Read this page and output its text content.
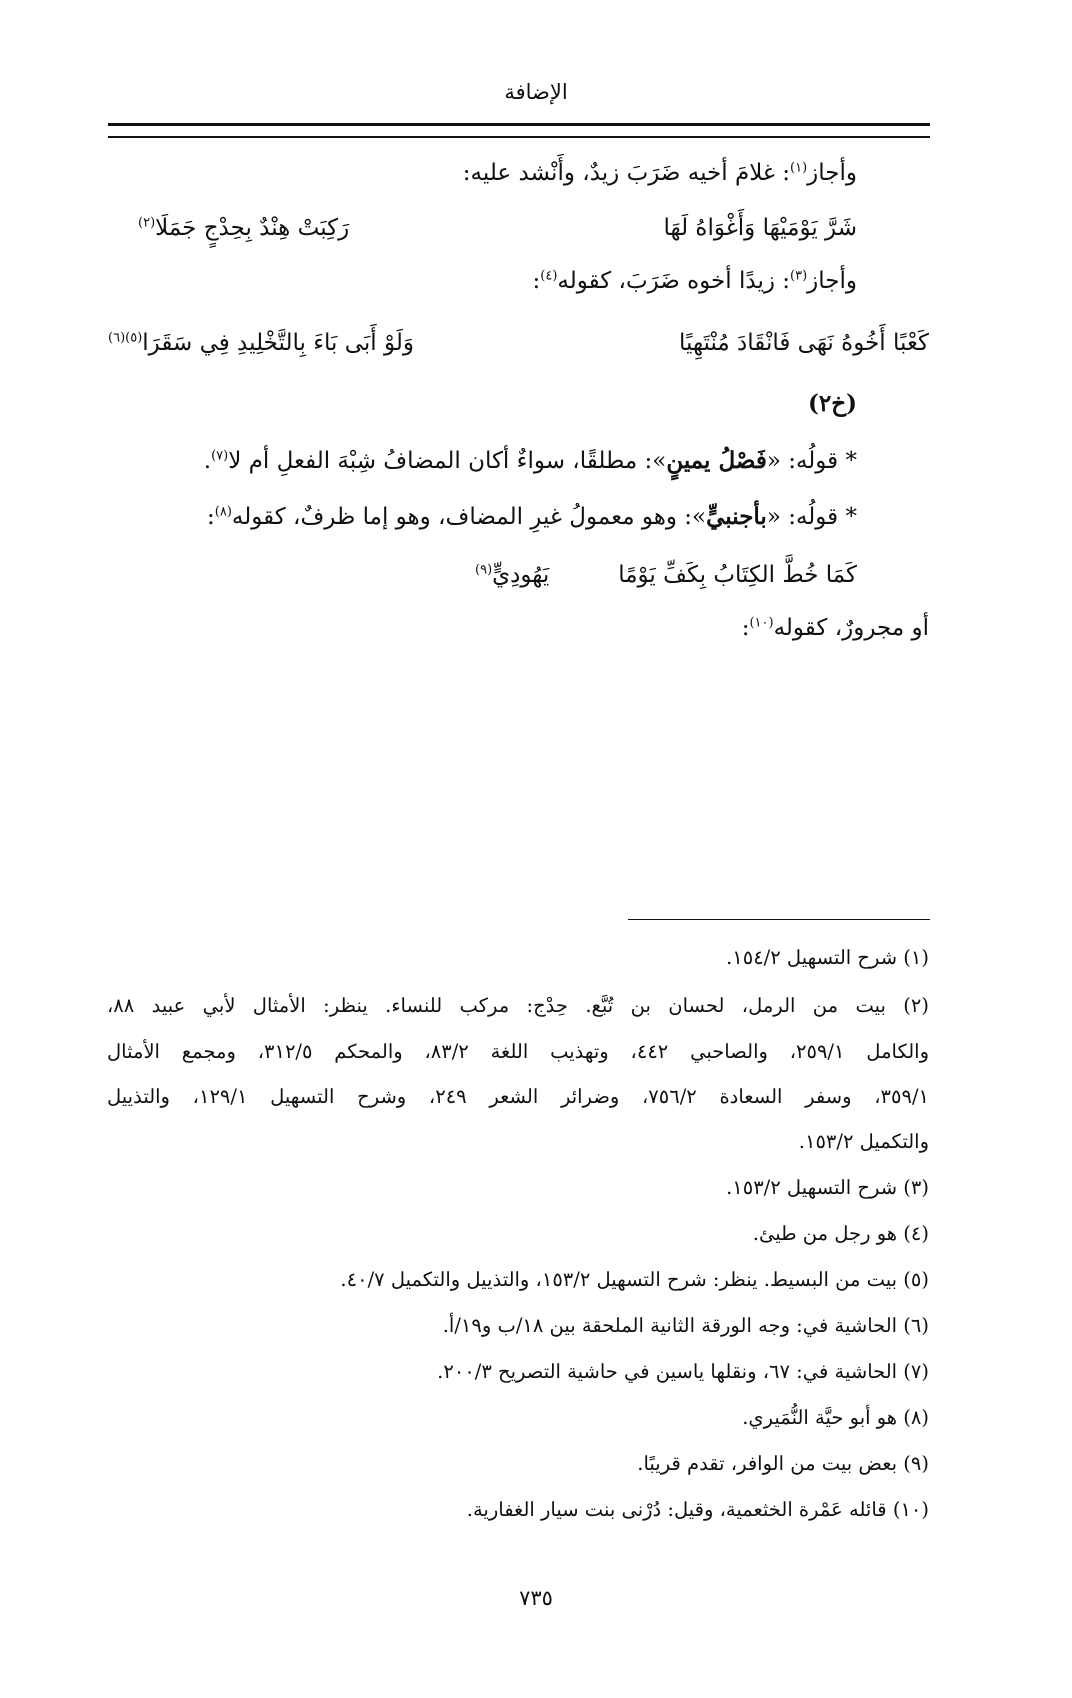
الإضافة
وأجاز$^{(١)}$: غلامَ أخيه ضَرَبَ زيدٌ، وأَنْشد عليه:
شَرَّ يَوْمَيْهَا وَأَغْوَاهُ لَهَا
رَكِبَتْ هِنْدٌ بِحِدْجٍ جَمَلَا$^{(٢)}$
وأجاز$^{(٣)}$: زيدًا أخوه ضَرَبَ، كقوله$^{(٤)}$:
كَعْبًا أَخُوهُ نَهَى فَانْقَادَ مُنْتَهِيًا
وَلَوْ أَبَى بَاءَ بِالتَّخْلِيدِ فِي سَقَرَا$^{(٥)(٦)}$
(خ٢)
* قولُه: «فَصْلُ يمينٍ»: مطلقًا، سواءٌ أكان المضافُ شِبْهَ الفعلِ أم لا$^{(٧)}$.
* قولُه: «بأجنبيٍّ»: وهو معمولُ غيرِ المضاف، وهو إما ظرفٌ، كقوله$^{(٨)}$:
كَمَا خُطَّ الكِتَابُ بِكَفِّ يَوْمًا
يَهُودِيٍّ$^{(٩)}$
أو مجرورٌ، كقوله$^{(١٠)}$:
(١) شرح التسهيل ١٥٤/٢.
(٢) بيت من الرمل، لحسان بن تُبَّع. حِدْج: مركب للنساء. ينظر: الأمثال لأبي عبيد ٨٨،
والكامل ٢٥٩/١، والصاحبي ٤٤٢، وتهذيب اللغة ٨٣/٢، والمحكم ٣١٢/٥، ومجمع الأمثال
٣٥٩/١، وسفر السعادة ٧٥٦/٢، وضرائر الشعر ٢٤٩، وشرح التسهيل ١٢٩/١، والتذييل
والتكميل ١٥٣/٢.
(٣) شرح التسهيل ١٥٣/٢.
(٤) هو رجل من طيئ.
(٥) بيت من البسيط. ينظر: شرح التسهيل ١٥٣/٢، والتذييل والتكميل ٤٠/٧.
(٦) الحاشية في: وجه الورقة الثانية الملحقة بين ١٨/ب و١٩/أ.
(٧) الحاشية في: ٦٧، ونقلها ياسين في حاشية التصريح ٢٠٠/٣.
(٨) هو أبو حيَّة النُّمَيري.
(٩) بعض بيت من الوافر، تقدم قريبًا.
(١٠) قائله عَمْرة الخثعمية، وقيل: دُرْنى بنت سيار الغفارية.
٧٣٥
